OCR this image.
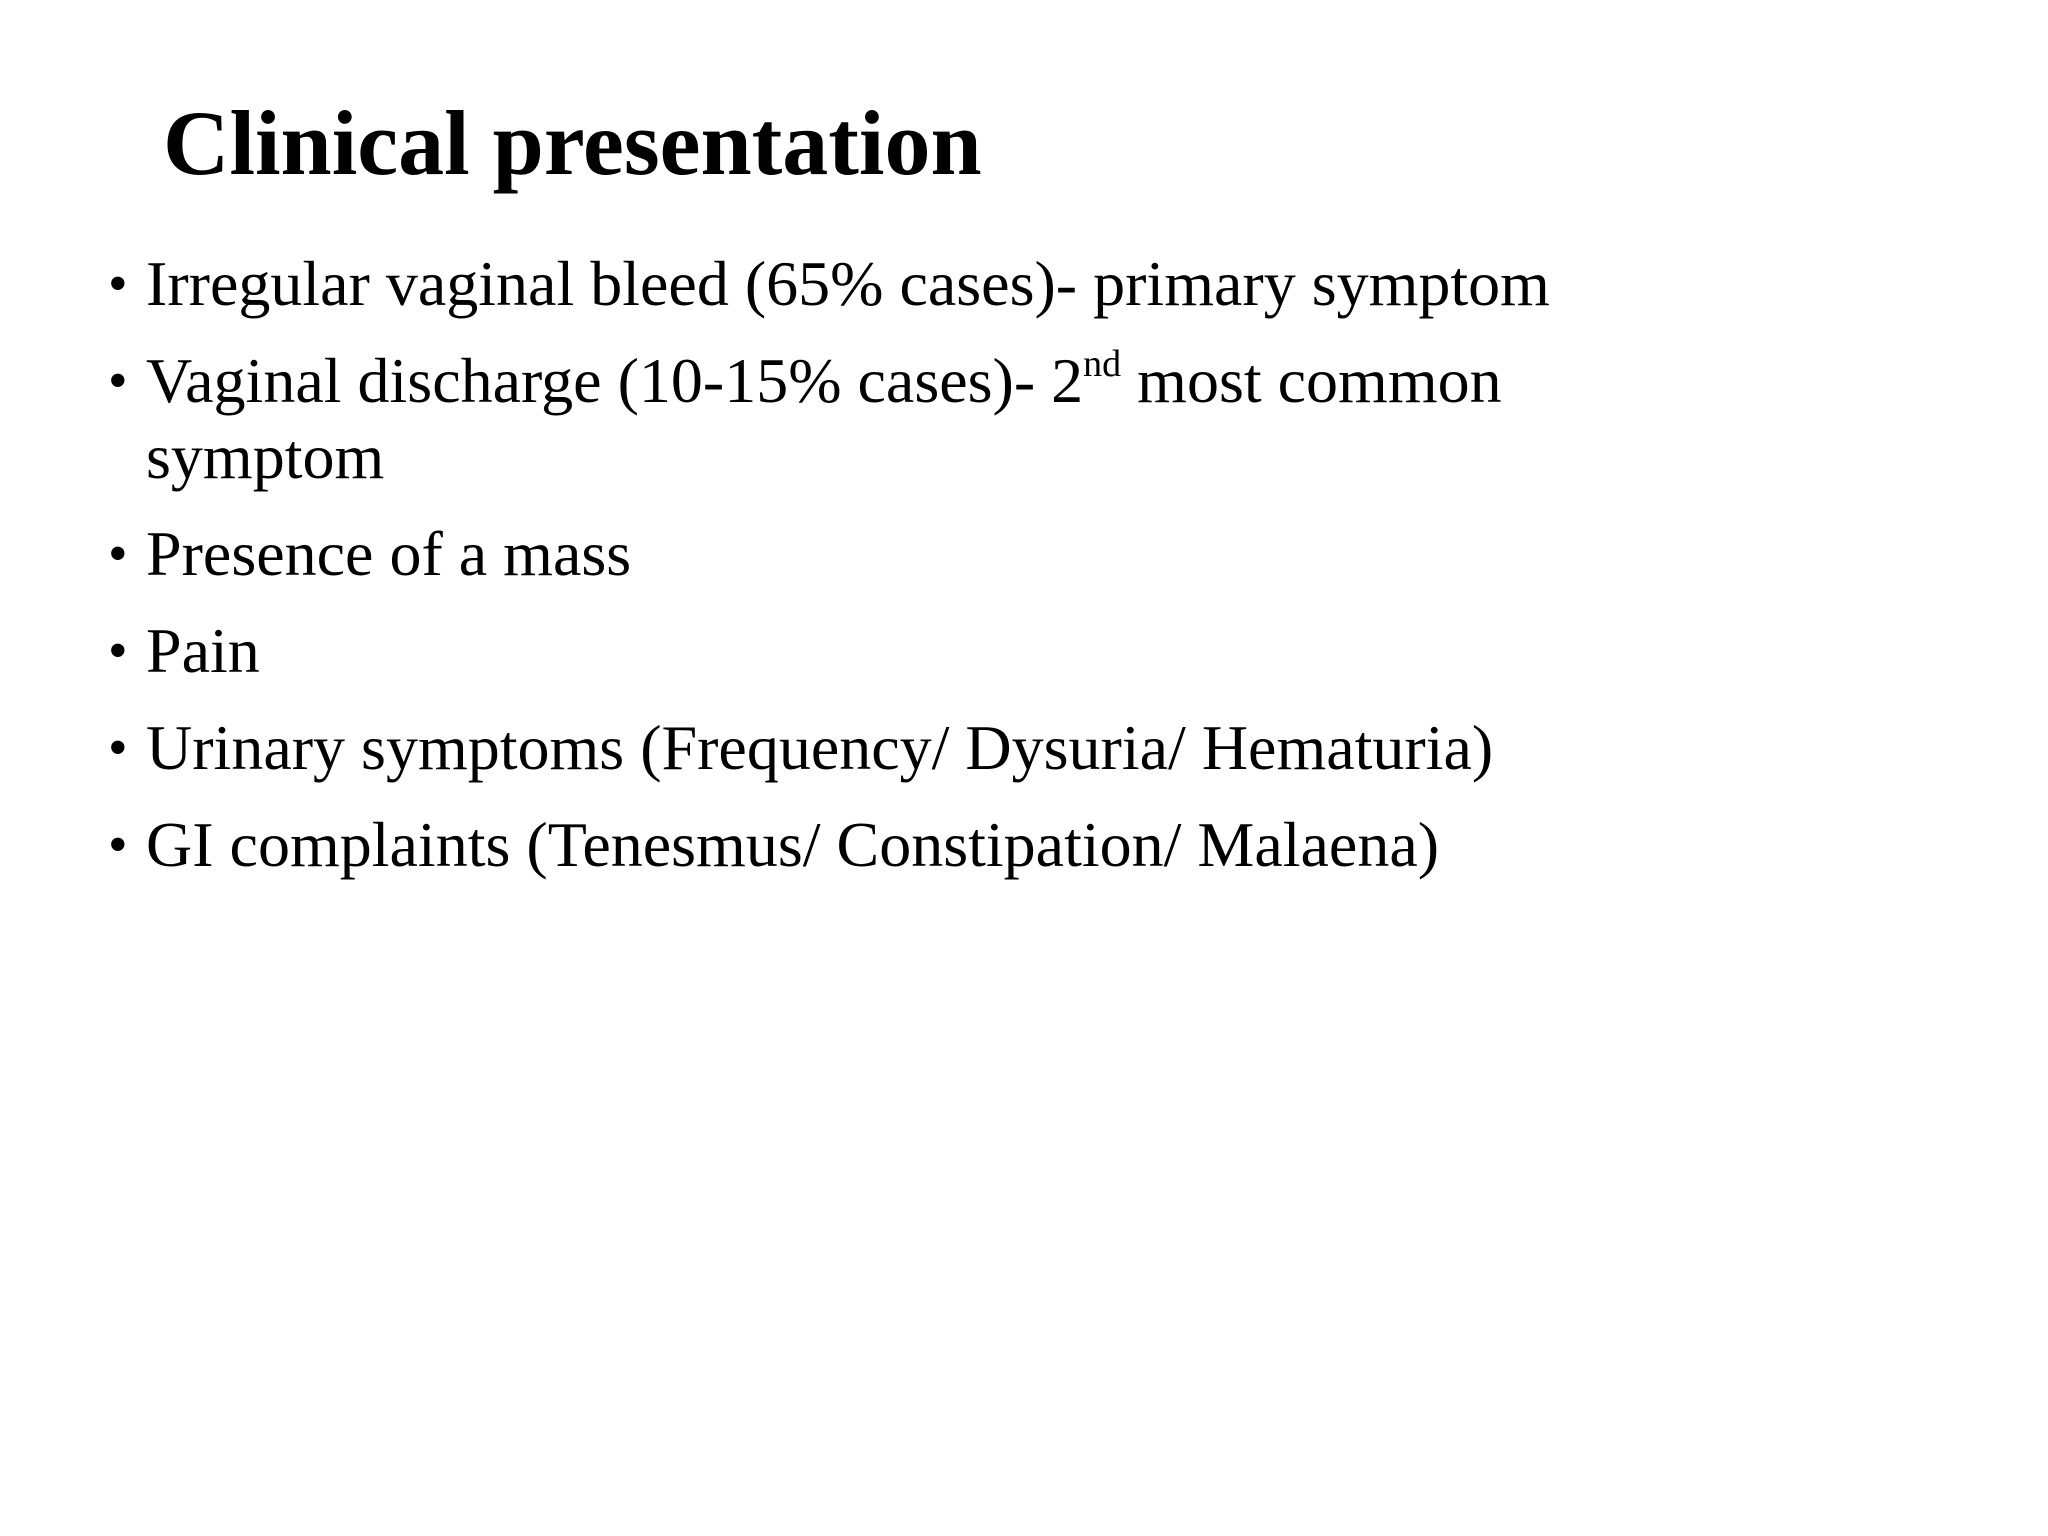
Clinical presentation
• Irregular vaginal bleed (65% cases)- primary symptom
• Vaginal discharge (10-15% cases)- 2nd most common symptom
• Presence of a mass
• Pain
• Urinary symptoms (Frequency/ Dysuria/ Hematuria)
• GI complaints (Tenesmus/ Constipation/ Malaena)
